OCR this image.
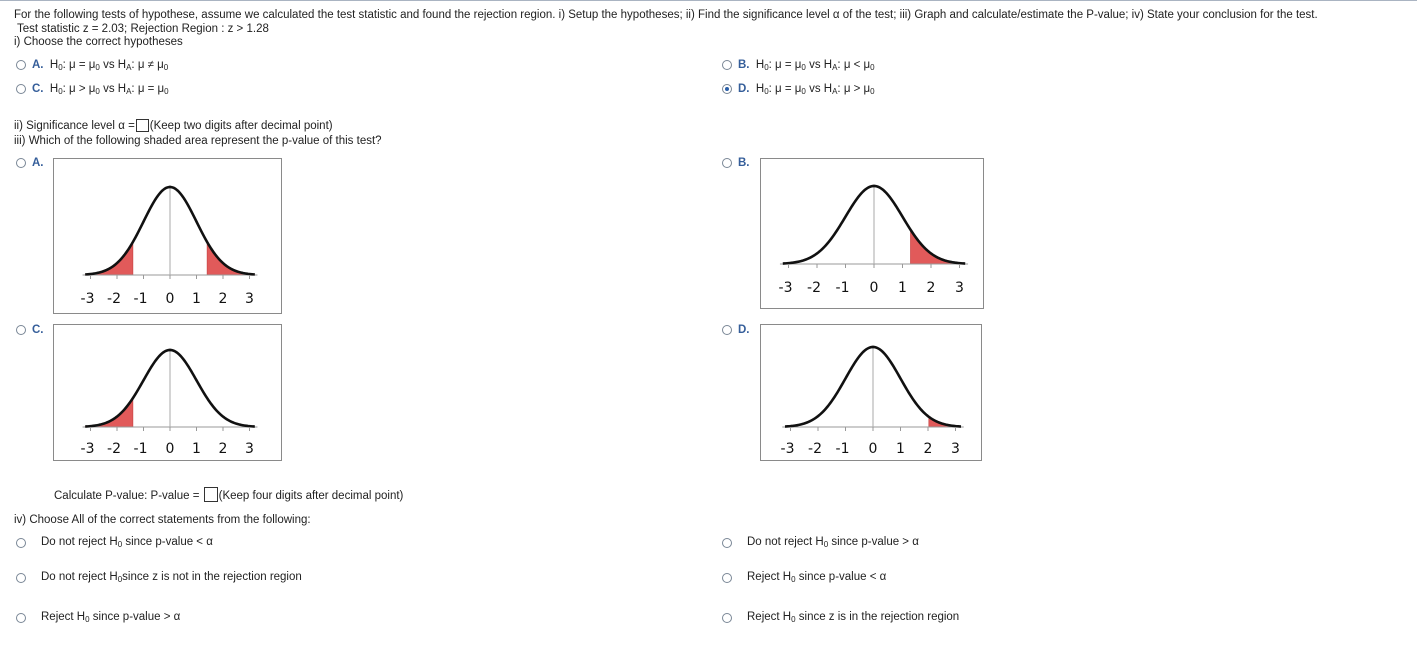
For the following tests of hypothese, assume we calculated the test statistic and found the rejection region. i) Setup the hypotheses; ii) Find the significance level α of the test; iii) Graph and calculate/estimate the P-value; iv) State your conclusion for the test.
Test statistic z = 2.03; Rejection Region : z > 1.28
i) Choose the correct hypotheses
A. $H_0$: $\mu = \mu_0$ vs $H_A$: $\mu \ne \mu_0$	B. $H_0$: $\mu = \mu_0$ vs $H_A$: $\mu < \mu_0$
C. $H_0$: $\mu > \mu_0$ vs $H_A$: $\mu = \mu_0$	D. $H_0$: $\mu = \mu_0$ vs $H_A$: $\mu > \mu_0$
ii) Significance level α = (Keep two digits after decimal point)
iii) Which of the following shaded area represent the p-value of this test?
A.
-3 -2 -1 0 1 2 3
B.
-3 -2 -1 0 1 2 3
C.
-3 -2 -1 0 1 2 3
D.
-3 -2 -1 0 1 2 3
Calculate P-value: P-value = (Keep four digits after decimal point)
iv) Choose All of the correct statements from the following:
Do not reject $H_0$ since p-value < α	Do not reject $H_0$ since p-value > α
Do not reject $H_0since$ z is not in the rejection region	Reject $H_0$ since p-value < α
Reject $H_0$ since p-value > α	Reject $H_0$ since z is in the rejection region
